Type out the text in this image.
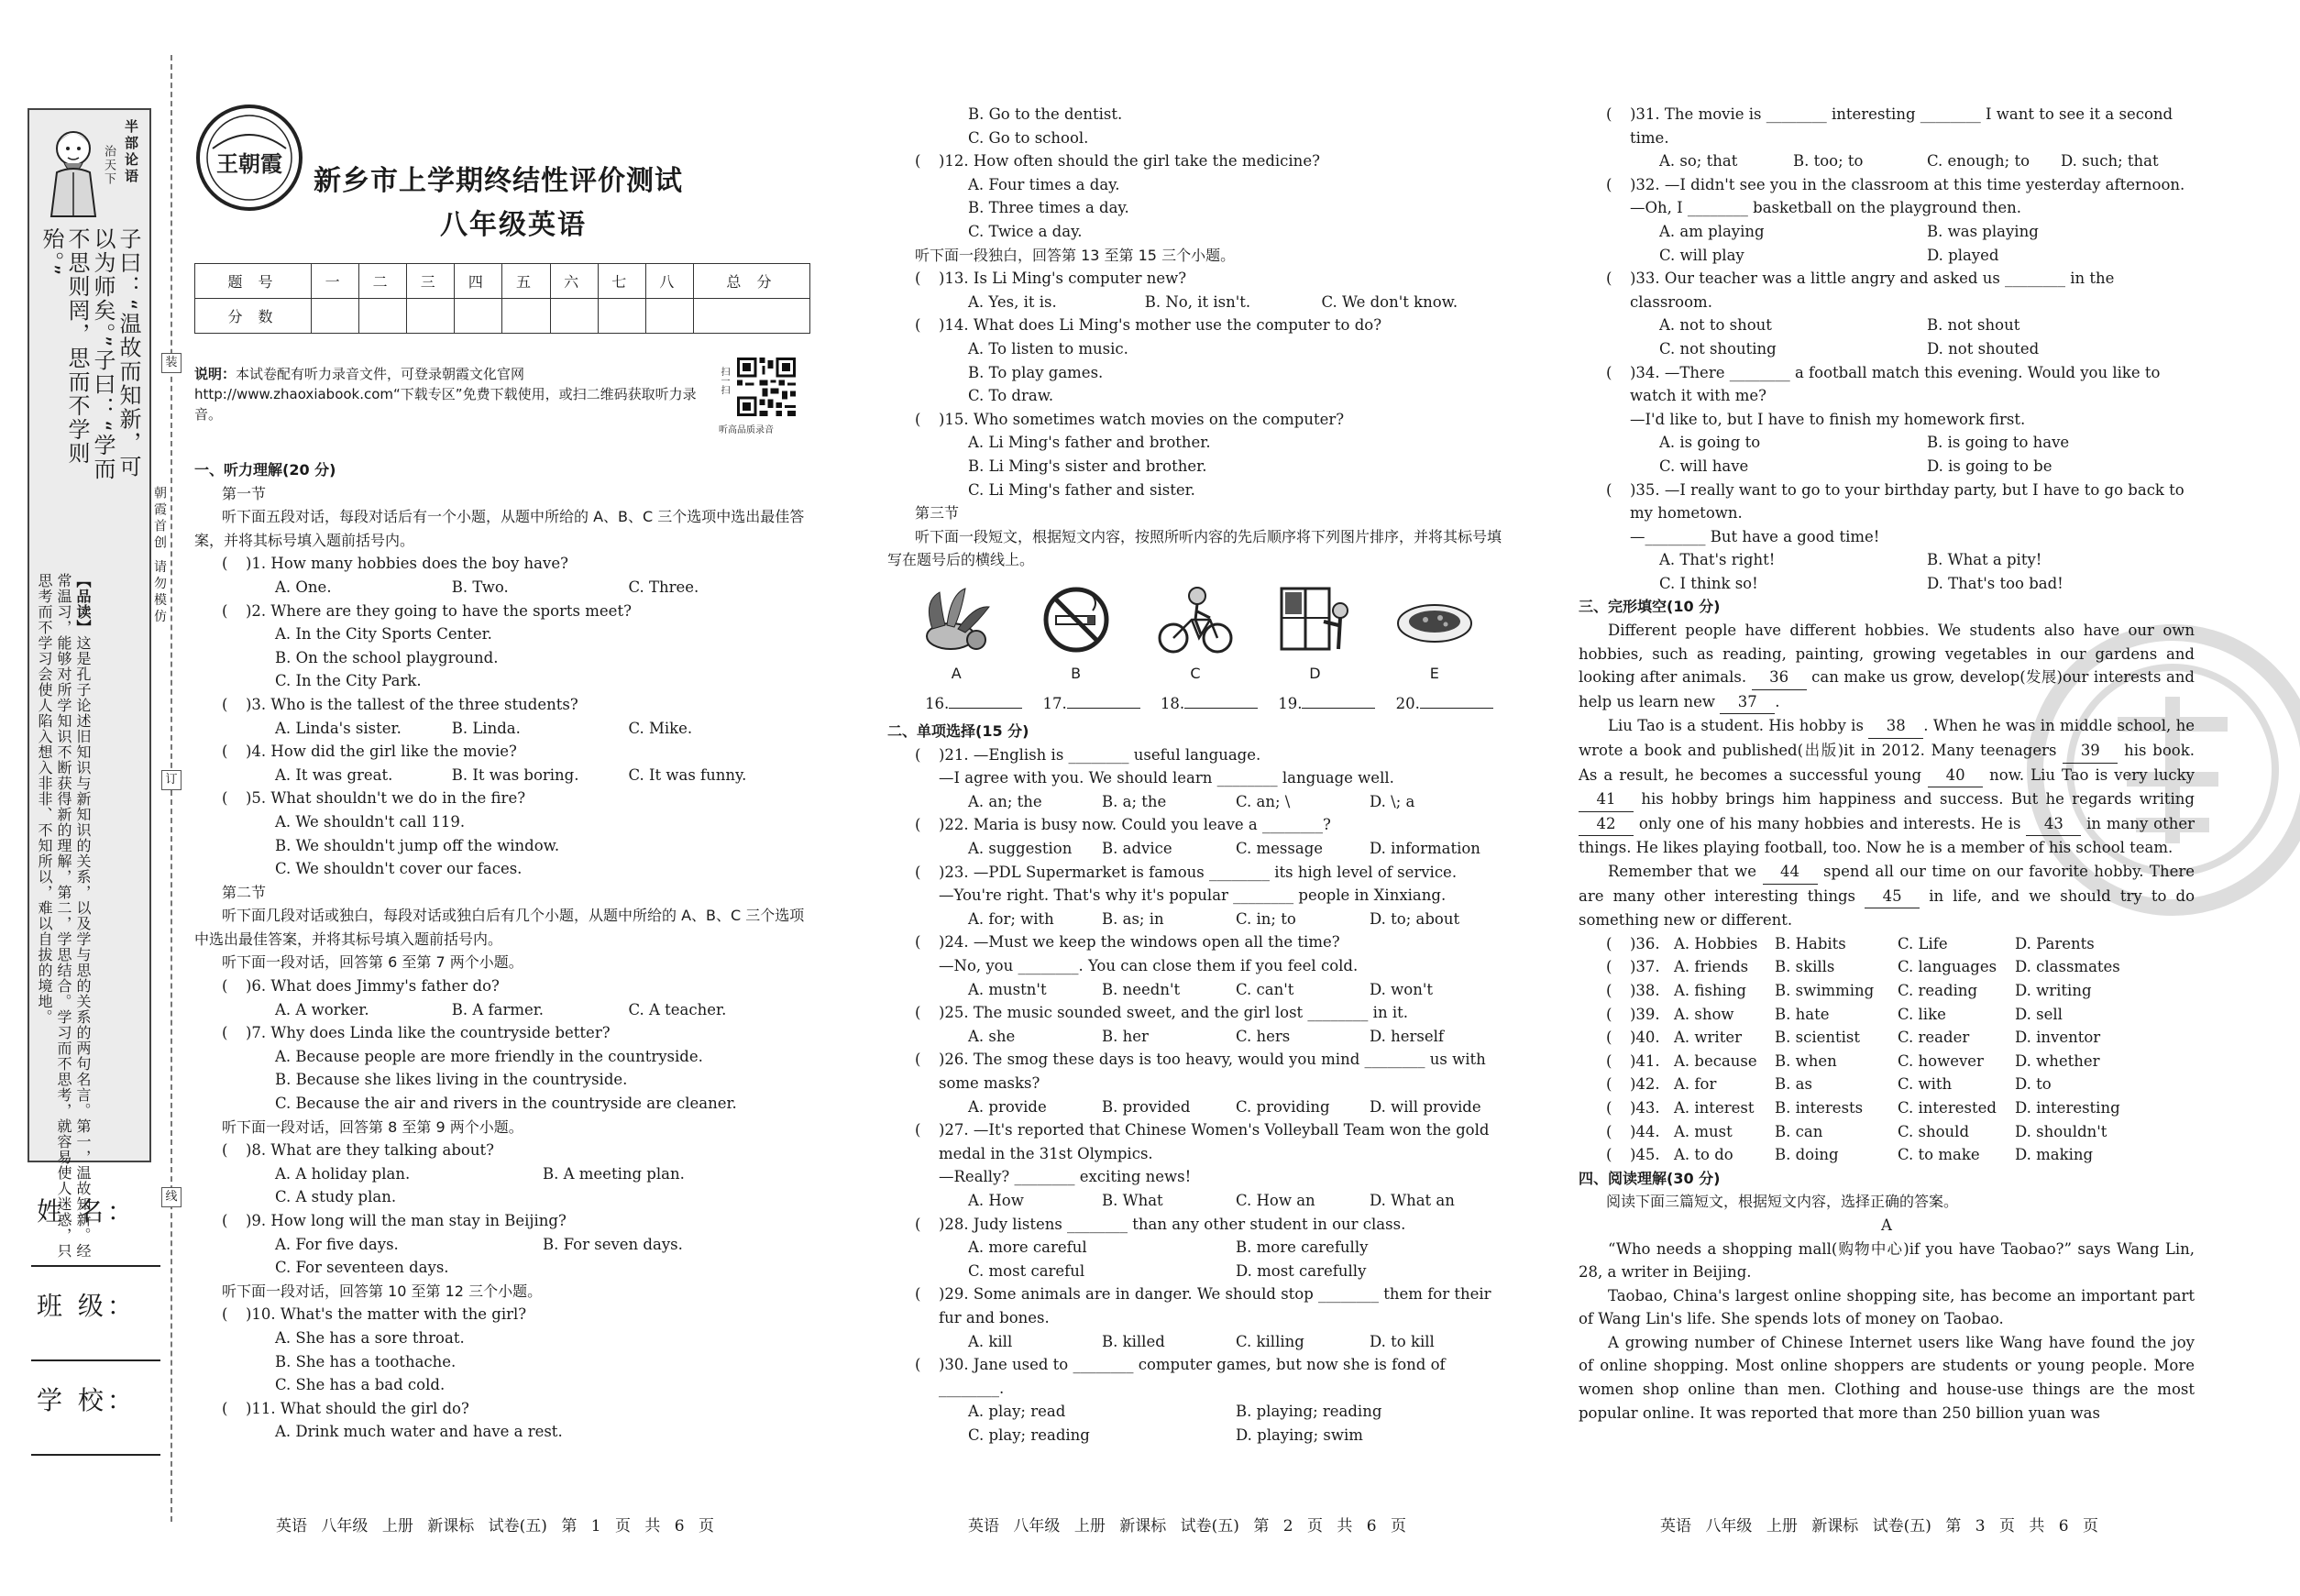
治天下 半部论语
子曰：“温故而知新，可以为师矣。”子曰：“学而不思则罔，思而不学则殆。”
【品读】这是孔子论述旧知识与新知识的关系，以及学与思的关系的两句名言。第一，温故知新。经常温习，能够对所学知识不断获得新的理解，第二，学思结合。学习而不思考，就容易使人迷惑，只思考而不学习会使人陷入想入非非、不知所以，难以自拔的境地。
姓 名：
班 级：
学 校：
装
订
线
朝霞首创 请勿模仿
王朝霞
新乡市上学期终结性评价测试
八年级英语
题 号	一	二	三	四	五	六	七	八	总 分
分 数									
说明：本试卷配有听力录音文件，可登录朝霞文化官网http://www.zhaoxiabook.com“下载专区”免费下载使用，或扫二维码获取听力录音。
扫一扫
听高品质录音
一、听力理解(20 分)
第一节
听下面五段对话，每段对话后有一个小题，从题中所给的 A、B、C 三个选项中选出最佳答案，并将其标号填入题前括号内。
(	)1. How many hobbies does the boy have?
A. One.	B. Two.	C. Three.
(	)2. Where are they going to have the sports meet?
A. In the City Sports Center.
B. On the school playground.
C. In the City Park.
(	)3. Who is the tallest of the three students?
A. Linda's sister.	B. Linda.	C. Mike.
(	)4. How did the girl like the movie?
A. It was great.	B. It was boring.	C. It was funny.
(	)5. What shouldn't we do in the fire?
A. We shouldn't call 119.
B. We shouldn't jump off the window.
C. We shouldn't cover our faces.
第二节
听下面几段对话或独白，每段对话或独白后有几个小题，从题中所给的 A、B、C 三个选项中选出最佳答案，并将其标号填入题前括号内。
听下面一段对话，回答第 6 至第 7 两个小题。
(	)6. What does Jimmy's father do?
A. A worker.	B. A farmer.	C. A teacher.
(	)7. Why does Linda like the countryside better?
A. Because people are more friendly in the countryside.
B. Because she likes living in the countryside.
C. Because the air and rivers in the countryside are cleaner.
听下面一段对话，回答第 8 至第 9 两个小题。
(	)8. What are they talking about?
A. A holiday plan.	B. A meeting plan.
C. A study plan.
(	)9. How long will the man stay in Beijing?
A. For five days.	B. For seven days.
C. For seventeen days.
听下面一段对话，回答第 10 至第 12 三个小题。
(	)10. What's the matter with the girl?
A. She has a sore throat.
B. She has a toothache.
C. She has a bad cold.
(	)11. What should the girl do?
A. Drink much water and have a rest.
B. Go to the dentist.
C. Go to school.
(	)12. How often should the girl take the medicine?
A. Four times a day.
B. Three times a day.
C. Twice a day.
听下面一段独白，回答第 13 至第 15 三个小题。
(	)13. Is Li Ming's computer new?
A. Yes, it is.	B. No, it isn't.	C. We don't know.
(	)14. What does Li Ming's mother use the computer to do?
A. To listen to music.
B. To play games.
C. To draw.
(	)15. Who sometimes watch movies on the computer?
A. Li Ming's father and brother.
B. Li Ming's sister and brother.
C. Li Ming's father and sister.
第三节
听下面一段短文，根据短文内容，按照所听内容的先后顺序将下列图片排序，并将其标号填写在题号后的横线上。
A	B	C	D	E
16.	17.	18.	19.	20.
二、单项选择(15 分)
(	)21. —English is ________ useful language.
—I agree with you. We should learn ________ language well.
A. an; the	B. a; the	C. an; \	D. \; a
(	)22. Maria is busy now. Could you leave a ________?
A. suggestion	B. advice	C. message	D. information
(	)23. —PDL Supermarket is famous ________ its high level of service.
—You're right. That's why it's popular ________ people in Xinxiang.
A. for; with	B. as; in	C. in; to	D. to; about
(	)24. —Must we keep the windows open all the time?
—No, you ________. You can close them if you feel cold.
A. mustn't	B. needn't	C. can't	D. won't
(	)25. The music sounded sweet, and the girl lost ________ in it.
A. she	B. her	C. hers	D. herself
(	)26. The smog these days is too heavy, would you mind ________ us with some masks?
A. provide	B. provided	C. providing	D. will provide
(	)27. —It's reported that Chinese Women's Volleyball Team won the gold medal in the 31st Olympics.
—Really? ________ exciting news!
A. How	B. What	C. How an	D. What an
(	)28. Judy listens ________ than any other student in our class.
A. more careful	B. more carefully
C. most careful	D. most carefully
(	)29. Some animals are in danger. We should stop ________ them for their fur and bones.
A. kill	B. killed	C. killing	D. to kill
(	)30. Jane used to ________ computer games, but now she is fond of ________.
A. play; read	B. playing; reading
C. play; reading	D. playing; swim
(	)31. The movie is ________ interesting ________ I want to see it a second time.
A. so; that	B. too; to	C. enough; to	D. such; that
(	)32. —I didn't see you in the classroom at this time yesterday afternoon.
—Oh, I ________ basketball on the playground then.
A. am playing	B. was playing
C. will play	D. played
(	)33. Our teacher was a little angry and asked us ________ in the classroom.
A. not to shout	B. not shout
C. not shouting	D. not shouted
(	)34. —There ________ a football match this evening. Would you like to watch it with me?
—I'd like to, but I have to finish my homework first.
A. is going to	B. is going to have
C. will have	D. is going to be
(	)35. —I really want to go to your birthday party, but I have to go back to my hometown.
—________ But have a good time!
A. That's right!	B. What a pity!
C. I think so!	D. That's too bad!
三、完形填空(10 分)
Different people have different hobbies. We students also have our own hobbies, such as reading, painting, growing vegetables in our gardens and looking after animals. 36 can make us grow, develop(发展)our interests and help us learn new 37 .
Liu Tao is a student. His hobby is 38 . When he was in middle school, he wrote a book and published(出版)it in 2012. Many teenagers 39 his book. As a result, he becomes a successful young 40 now. Liu Tao is very lucky 41 his hobby brings him happiness and success. But he regards writing 42 only one of his many hobbies and interests. He is 43 in many other things. He likes playing football, too. Now he is a member of his school team.
Remember that we 44 spend all our time on our favorite hobby. There are many other interesting things 45 in life, and we should try to do something new or different.
(	)36. A. Hobbies	B. Habits	C. Life	D. Parents
(	)37. A. friends	B. skills	C. languages	D. classmates
(	)38. A. fishing	B. swimming	C. reading	D. writing
(	)39. A. show	B. hate	C. like	D. sell
(	)40. A. writer	B. scientist	C. reader	D. inventor
(	)41. A. because	B. when	C. however	D. whether
(	)42. A. for	B. as	C. with	D. to
(	)43. A. interest	B. interests	C. interested	D. interesting
(	)44. A. must	B. can	C. should	D. shouldn't
(	)45. A. to do	B. doing	C. to make	D. making
四、阅读理解(30 分)
阅读下面三篇短文，根据短文内容，选择正确的答案。
A
“Who needs a shopping mall(购物中心)if you have Taobao?” says Wang Lin, 28, a writer in Beijing.
Taobao, China's largest online shopping site, has become an important part of Wang Lin's life. She spends lots of money on Taobao.
A growing number of Chinese Internet users like Wang have found the joy of online shopping. Most online shoppers are students or young people. More women shop online than men. Clothing and house-use things are the most popular online. It was reported that more than 250 billion yuan was
英语 八年级 上册 新课标 试卷(五) 第 1 页 共 6 页	英语 八年级 上册 新课标 试卷(五) 第 2 页 共 6 页	英语 八年级 上册 新课标 试卷(五) 第 3 页 共 6 页
